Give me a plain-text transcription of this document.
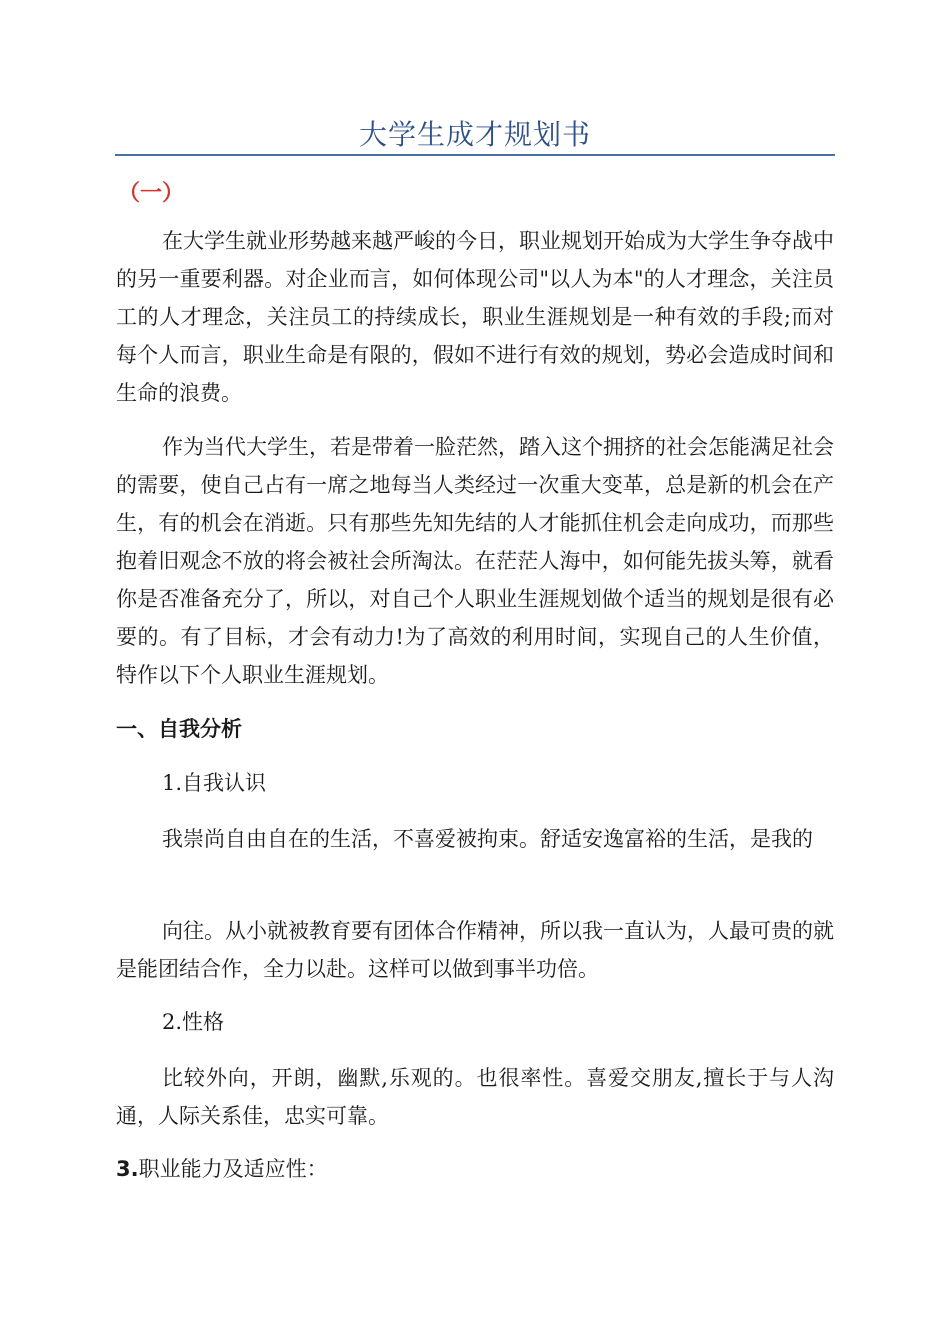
大学生成才规划书
（一）

在大学生就业形势越来越严峻的今日，职业规划开始成为大学生争夺战中的另一重要利器。对企业而言，如何体现公司"以人为本"的人才理念，关注员工的人才理念，关注员工的持续成长，职业生涯规划是一种有效的手段;而对每个人而言，职业生命是有限的，假如不进行有效的规划，势必会造成时间和生命的浪费。

作为当代大学生，若是带着一脸茫然，踏入这个拥挤的社会怎能满足社会的需要，使自己占有一席之地每当人类经过一次重大变革，总是新的机会在产生，有的机会在消逝。只有那些先知先结的人才能抓住机会走向成功，而那些抱着旧观念不放的将会被社会所淘汰。在茫茫人海中，如何能先拔头筹，就看你是否准备充分了，所以，对自己个人职业生涯规划做个适当的规划是很有必要的。有了目标，才会有动力!为了高效的利用时间，实现自己的人生价值，特作以下个人职业生涯规划。

一、自我分析

1.自我认识

我崇尚自由自在的生活，不喜爱被拘束。舒适安逸富裕的生活，是我的

向往。从小就被教育要有团体合作精神，所以我一直认为，人最可贵的就是能团结合作，全力以赴。这样可以做到事半功倍。

2.性格

比较外向，开朗，幽默,乐观的。也很率性。喜爱交朋友,擅长于与人沟通，人际关系佳，忠实可靠。

3.职业能力及适应性：
